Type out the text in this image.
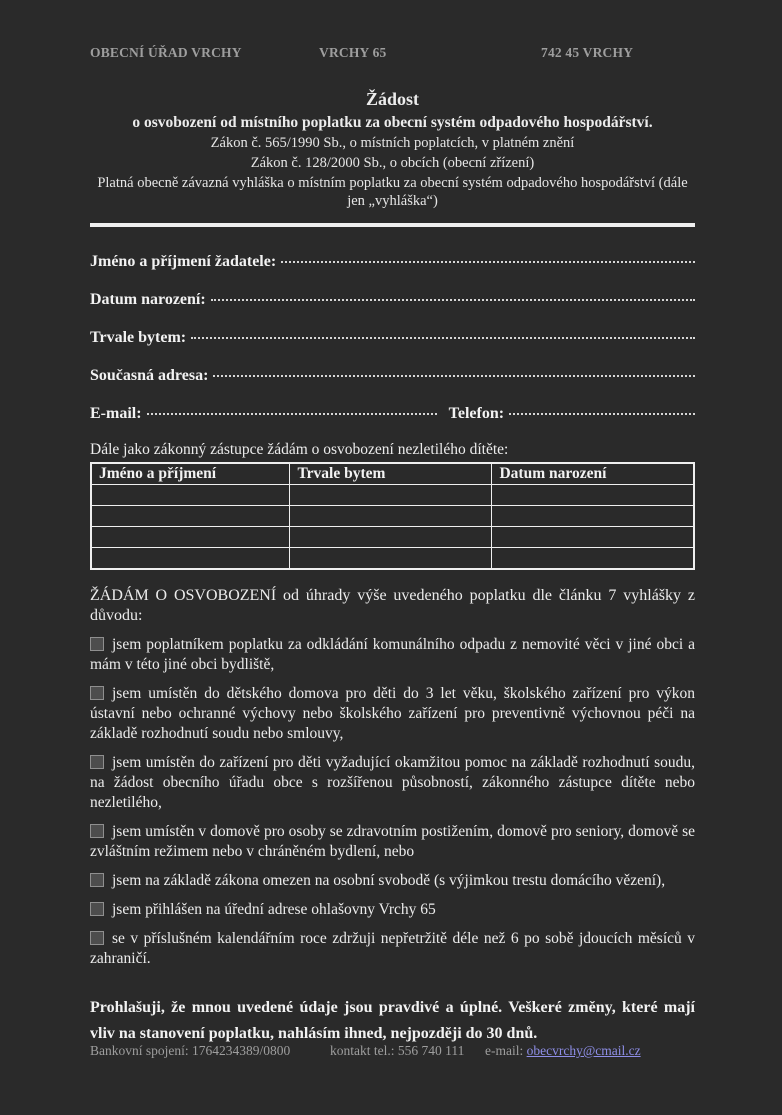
OBECNÍ ÚŘAD VRCHY	VRCHY 65	742 45 VRCHY
Žádost
o osvobození od místního poplatku za obecní systém odpadového hospodářství.
Zákon č. 565/1990 Sb., o místních poplatcích, v platném znění
Zákon č. 128/2000 Sb., o obcích (obecní zřízení)
Platná obecně závazná vyhláška o místním poplatku za obecní systém odpadového hospodářství (dále jen „vyhláška“)
Jméno a příjmení žadatele:
Datum narození:
Trvale bytem:
Současná adresa:
E-mail:	Telefon:
Dále jako zákonný zástupce žádám o osvobození nezletilého dítěte:
Jméno a příjmení	Trvale bytem	Datum narození

ŽÁDÁM O OSVOBOZENÍ od úhrady výše uvedeného poplatku dle článku 7 vyhlášky z důvodu:

jsem poplatníkem poplatku za odkládání komunálního odpadu z nemovité věci v jiné obci a mám v této jiné obci bydliště,

jsem umístěn do dětského domova pro děti do 3 let věku, školského zařízení pro výkon ústavní nebo ochranné výchovy nebo školského zařízení pro preventivně výchovnou péči na základě rozhodnutí soudu nebo smlouvy,

jsem umístěn do zařízení pro děti vyžadující okamžitou pomoc na základě rozhodnutí soudu, na žádost obecního úřadu obce s rozšířenou působností, zákonného zástupce dítěte nebo nezletilého,

jsem umístěn v domově pro osoby se zdravotním postižením, domově pro seniory, domově se zvláštním režimem nebo v chráněném bydlení, nebo

jsem na základě zákona omezen na osobní svobodě (s výjimkou trestu domácího vězení),

jsem přihlášen na úřední adrese ohlašovny Vrchy 65

se v příslušném kalendářním roce zdržuji nepřetržitě déle než 6 po sobě jdoucích měsíců v zahraničí.

Prohlašuji, že mnou uvedené údaje jsou pravdivé a úplné. Veškeré změny, které mají vliv na stanovení poplatku, nahlásím ihned, nejpozději do 30 dnů.
Bankovní spojení: 1764234389/0800	kontakt tel.: 556 740 111	e-mail: obecvrchy@cmail.cz
